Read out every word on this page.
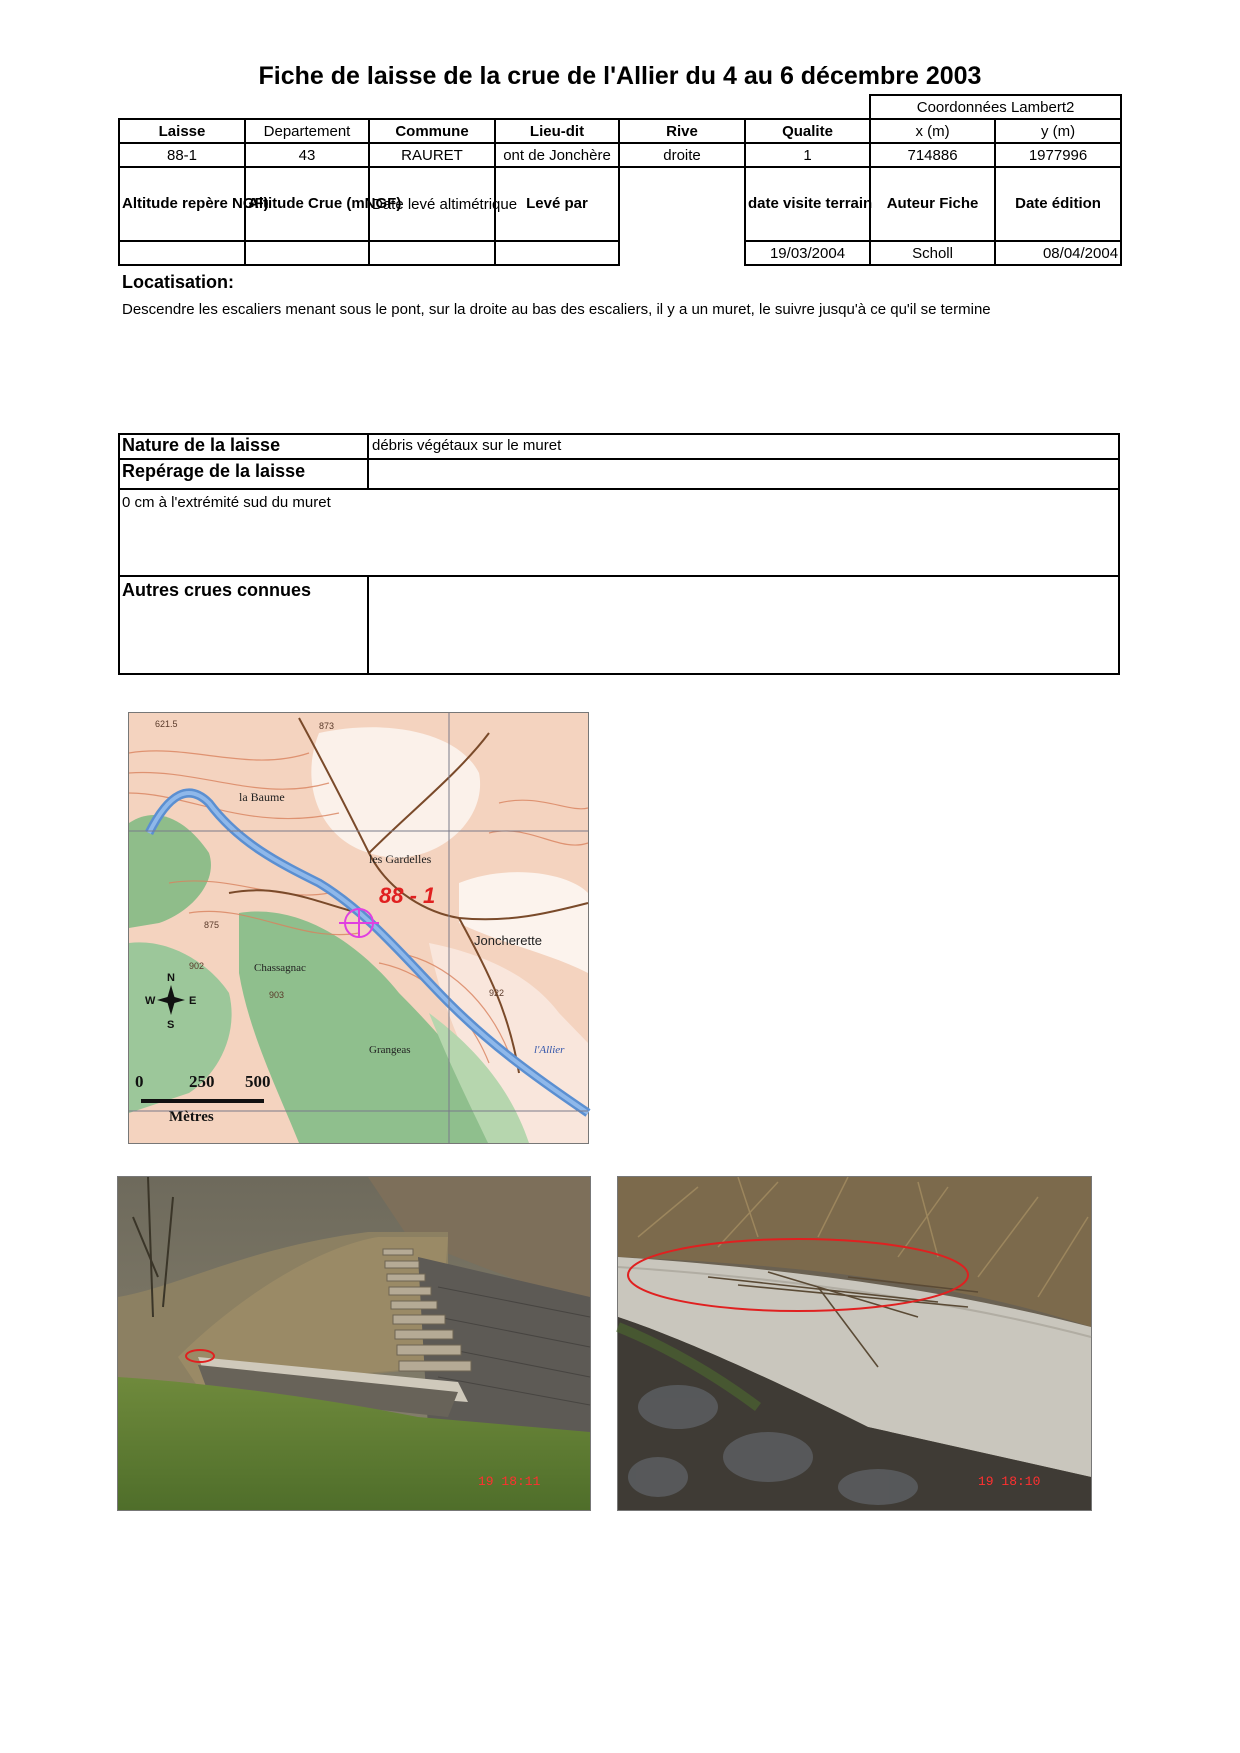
Fiche de laisse de la crue de l'Allier du 4 au 6 décembre 2003
						Coordonnées Lambert2	
Laisse	Departement	Commune	Lieu-dit	Rive	Qualite	x (m)	y (m)
88-1	43	RAURET	ont de Jonchère	droite	1	714886	1977996
Altitude repère NGF)	Altitude Crue (mNGF)	Date levé altimétrique	Levé par		date visite terrain	Auteur Fiche	Date édition
					19/03/2004	Scholl	08/04/2004
Locatisation:
Descendre les escaliers menant sous le pont, sur la droite au bas des escaliers, il y a un muret, le suivre jusqu'à ce qu'il se termine
Nature de la laisse	débris végétaux sur le muret
Repérage de la laisse
0 cm à l'extrémité sud du muret
Autres crues connues
88 - 1
la Baume
les Gardelles
Joncherette
Chassagnac
Grangeas	l'Allier
621.5	873
902
903
875
922
N
W	E
S
0	250 500
Mètres
19 18:11	19 18:10
